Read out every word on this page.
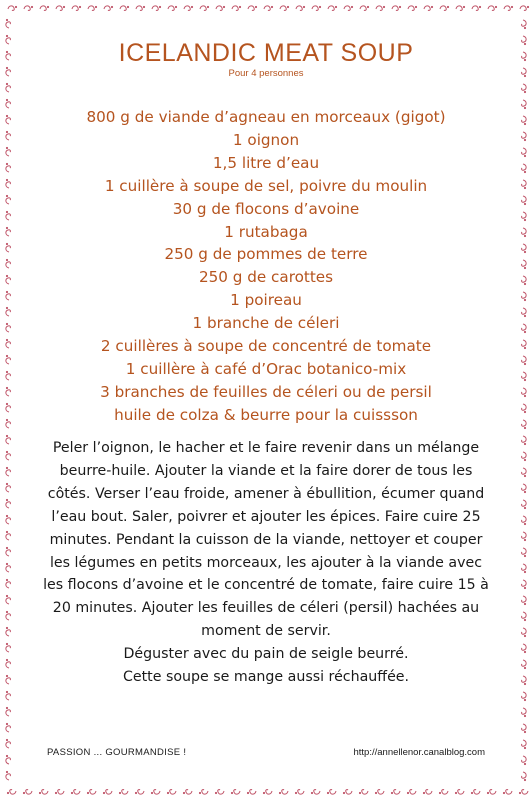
ICELANDIC MEAT SOUP
Pour 4 personnes
800 g de viande d’agneau en morceaux (gigot)
1 oignon
1,5 litre d’eau
1 cuillère à soupe de sel, poivre du moulin
30 g de flocons d’avoine
1 rutabaga
250 g de pommes de terre
250 g de carottes
1 poireau
1 branche de céleri
2 cuillères à soupe de concentré de tomate
1 cuillère à café d’Orac botanico-mix
3 branches de feuilles de céleri ou de persil
huile de colza & beurre pour la cuissson

Peler l’oignon, le hacher et le faire revenir dans un mélange beurre-huile. Ajouter la viande et la faire dorer de tous les côtés. Verser l’eau froide, amener à ébullition, écumer quand l’eau bout. Saler, poivrer et ajouter les épices. Faire cuire 25 minutes. Pendant la cuisson de la viande, nettoyer et couper les légumes en petits morceaux, les ajouter à la viande avec les flocons d’avoine et le concentré de tomate, faire cuire 15 à 20 minutes. Ajouter les feuilles de céleri (persil) hachées au moment de servir.

Déguster avec du pain de seigle beurré.

Cette soupe se mange aussi réchauffée.

PASSION ... GOURMANDISE !	http://annellenor.canalblog.com
